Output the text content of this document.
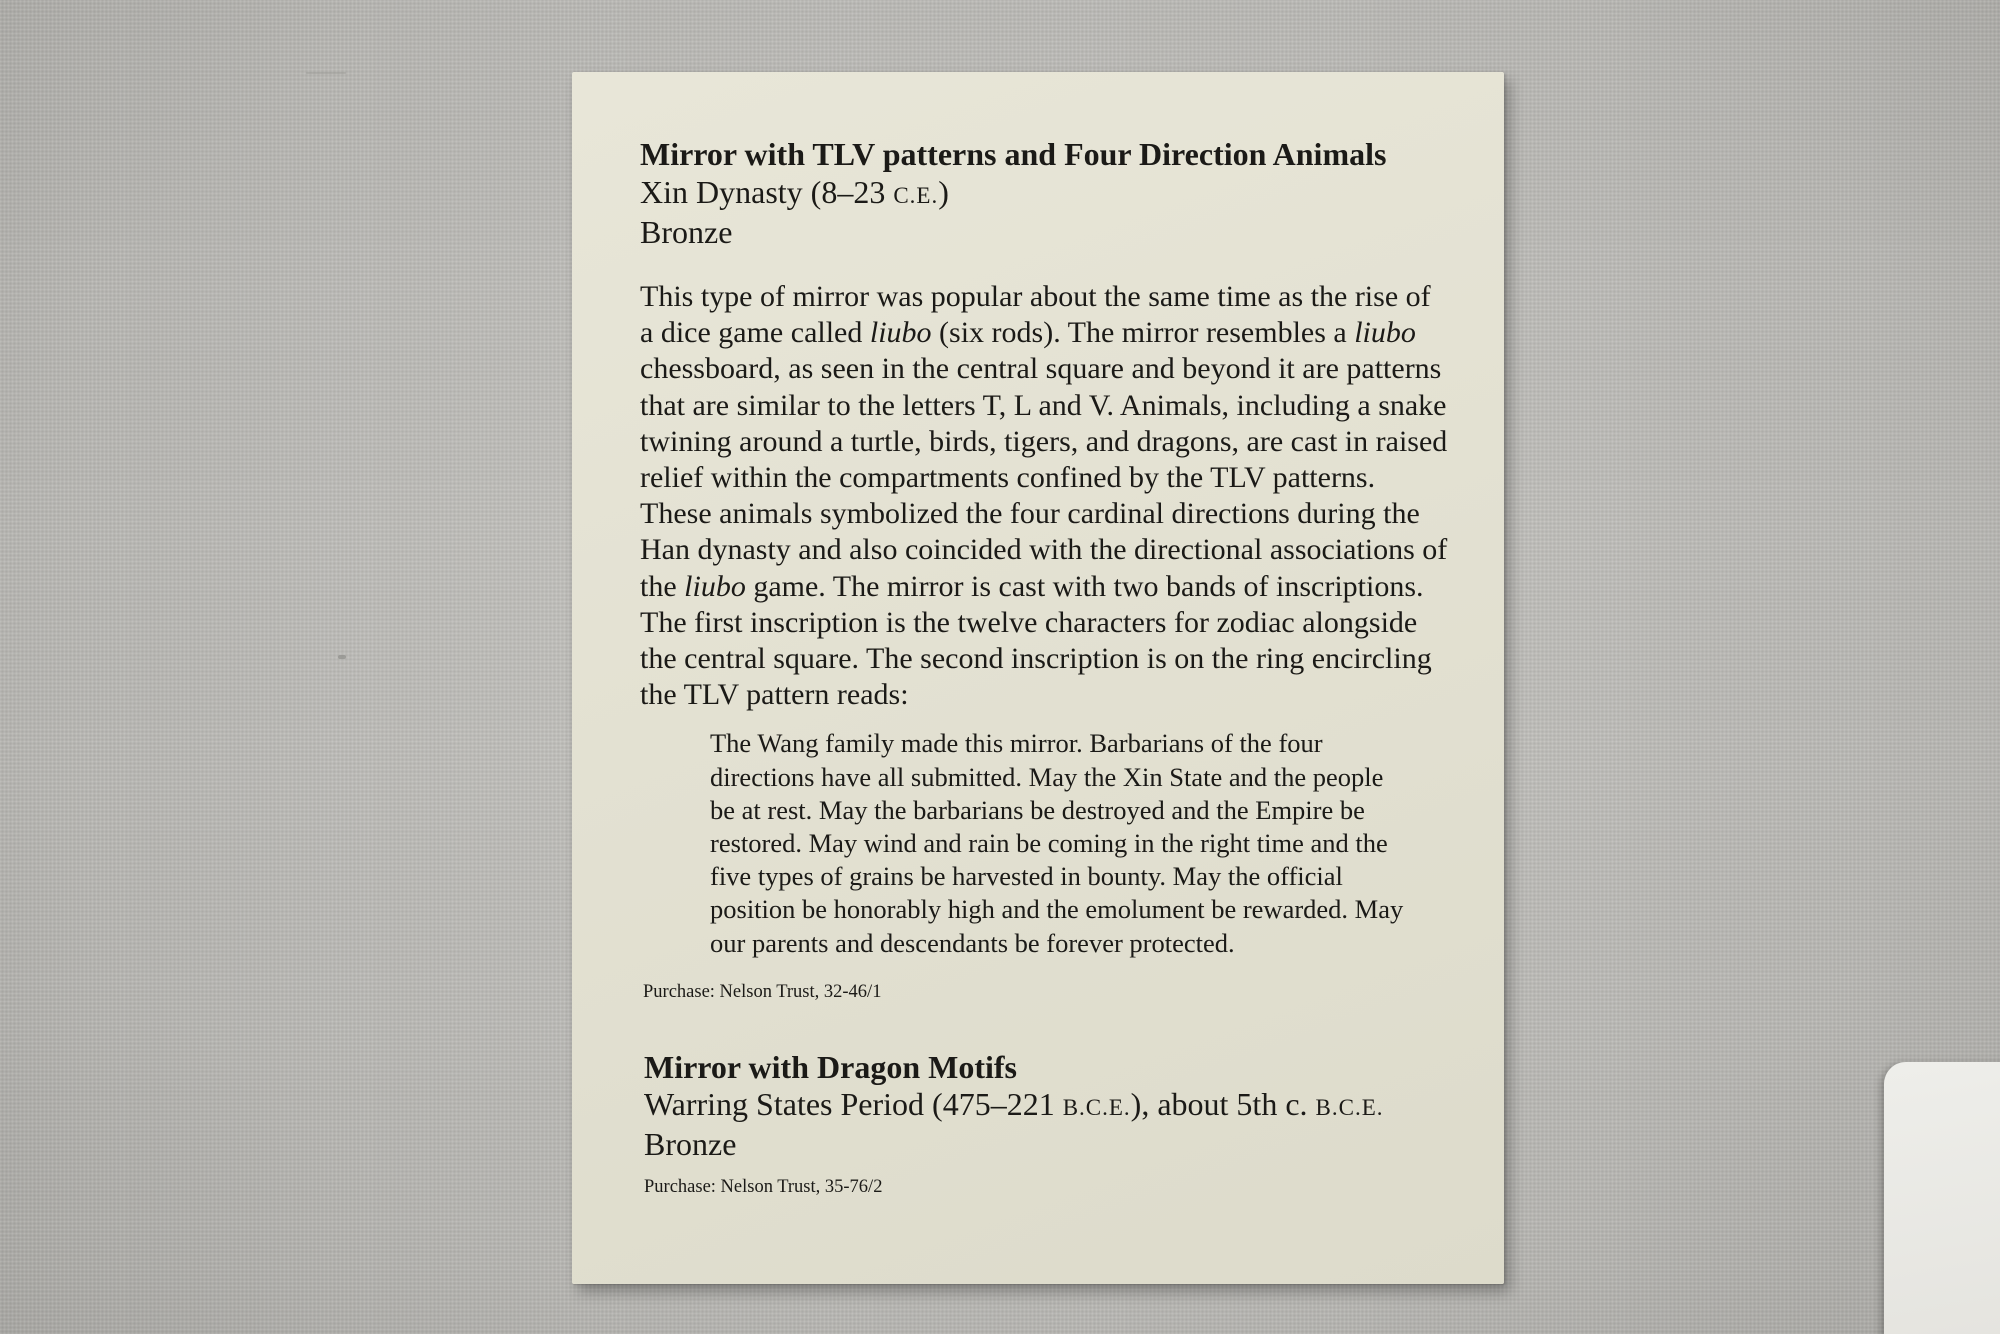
Mirror with TLV patterns and Four Direction Animals

Xin Dynasty (8–23 C.E.)

Bronze

This type of mirror was popular about the same time as the rise of a dice game called liubo (six rods). The mirror resembles a liubo chessboard, as seen in the central square and beyond it are patterns that are similar to the letters T, L and V. Animals, including a snake twining around a turtle, birds, tigers, and dragons, are cast in raised relief within the compartments confined by the TLV patterns. These animals symbolized the four cardinal directions during the Han dynasty and also coincided with the directional associations of the liubo game. The mirror is cast with two bands of inscriptions. The first inscription is the twelve characters for zodiac alongside the central square. The second inscription is on the ring encircling the TLV pattern reads:

The Wang family made this mirror. Barbarians of the four directions have all submitted. May the Xin State and the people be at rest. May the barbarians be destroyed and the Empire be restored. May wind and rain be coming in the right time and the five types of grains be harvested in bounty. May the official position be honorably high and the emolument be rewarded. May our parents and descendants be forever protected.

Purchase: Nelson Trust, 32-46/1

Mirror with Dragon Motifs

Warring States Period (475–221 B.C.E.), about 5th c. B.C.E.

Bronze

Purchase: Nelson Trust, 35-76/2
